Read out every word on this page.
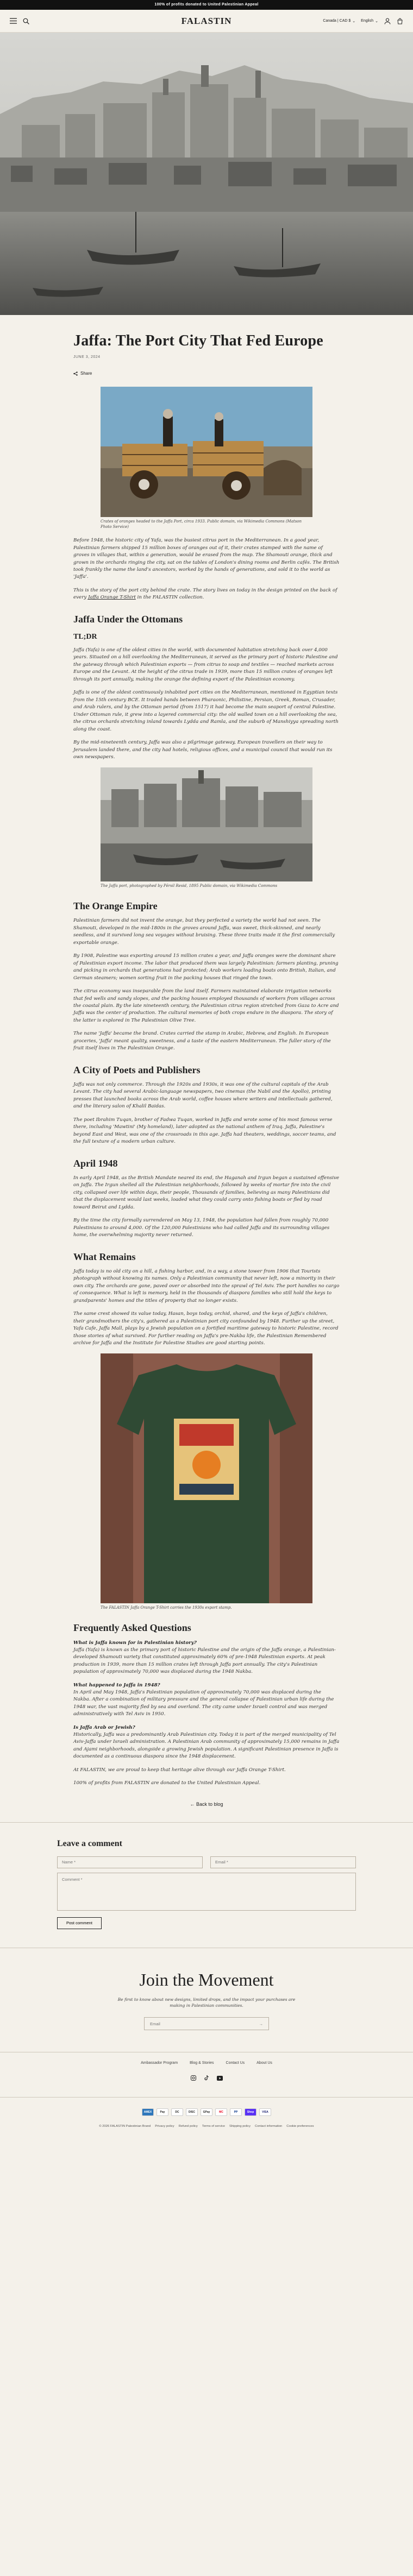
100% of profits donated to United Palestinian Appeal
FALASTIN	Canada | CAD $ ⌄ English ⌄
Jaffa: The Port City That Fed Europe
JUNE 3, 2024
Share
Crates of oranges headed to the Jaffa Port, circa 1933. Public domain, via Wikimedia Commons (Matson Photo Service)

Before 1948, the historic city of Yafa, was the busiest citrus port in the Mediterranean. In a good year, Palestinian farmers shipped 15 million boxes of oranges out of it, their crates stamped with the name of groves in villages that, within a generation, would be erased from the map. The Shamouti orange, thick and grown in the orchards ringing the city, sat on the tables of London's dining rooms and Berlin cafés. The British took frankly the name the land's ancestors, worked by the hands of generations, and sold it to the world as 'Jaffa'.

This is the story of the port city behind the crate. The story lives on today in the design printed on the back of every Jaffa Orange T-Shirt in the FALASTIN collection.

Jaffa Under the Ottomans
TL;DR

Jaffa (Yafa) is one of the oldest cities in the world, with documented habitation stretching back over 4,000 years. Situated on a hill overlooking the Mediterranean, it served as the primary port of historic Palestine and the gateway through which Palestinian exports — from citrus to soap and textiles — reached markets across Europe and the Levant. At the height of the citrus trade in 1939, more than 15 million crates of oranges left through its port annually, making the orange the defining export of the Palestinian economy.

Jaffa is one of the oldest continuously inhabited port cities on the Mediterranean, mentioned in Egyptian texts from the 15th century BCE. It traded hands between Pharaonic, Philistine, Persian, Greek, Roman, Crusader, and Arab rulers, and by the Ottoman period (from 1517) it had become the main seaport of central Palestine. Under Ottoman rule, it grew into a layered commercial city: the old walled town on a hill overlooking the sea, the citrus orchards stretching inland towards Lydda and Ramla, and the suburb of Manshiyya spreading north along the coast.

By the mid-nineteenth century, Jaffa was also a pilgrimage gateway, European travellers on their way to Jerusalem landed there, and the city had hotels, religious offices, and a municipal council that would run its own newspapers.

The Jaffa port, photographed by Pērsil Resid, 1895 Public domain, via Wikimedia Commons
The Orange Empire

Palestinian farmers did not invent the orange, but they perfected a variety the world had not seen. The Shamouti, developed in the mid-1800s in the groves around Jaffa, was sweet, thick-skinned, and nearly seedless, and it survived long sea voyages without bruising. These three traits made it the first commercially exportable orange.

By 1908, Palestine was exporting around 15 million crates a year, and Jaffa oranges were the dominant share of Palestinian export income. The labor that produced them was largely Palestinian: farmers planting, pruning and picking in orchards that generations had protected; Arab workers loading boats onto British, Italian, and German steamers; women sorting fruit in the packing houses that ringed the town.

The citrus economy was inseparable from the land itself. Farmers maintained elaborate irrigation networks that fed wells and sandy slopes, and the packing houses employed thousands of workers from villages across the coastal plain. By the late nineteenth century, the Palestinian citrus region stretched from Gaza to Acre and Jaffa was the center of production. The cultural memories of both crops endure in the diaspora. The story of the latter is explored in The Palestinian Olive Tree.

The name 'Jaffa' became the brand. Crates carried the stamp in Arabic, Hebrew, and English. In European groceries, 'Jaffa' meant quality, sweetness, and a taste of the eastern Mediterranean. The fuller story of the fruit itself lives in The Palestinian Orange.

A City of Poets and Publishers

Jaffa was not only commerce. Through the 1920s and 1930s, it was one of the cultural capitals of the Arab Levant. The city had several Arabic-language newspapers, two cinemas (the Nabil and the Apollo), printing presses that launched books across the Arab world, coffee houses where writers and intellectuals gathered, and the literary salon of Khalil Baidas.

The poet Ibrahim Tuqan, brother of Fadwa Tuqan, worked in Jaffa and wrote some of his most famous verse there, including 'Mawtini' (My homeland), later adopted as the national anthem of Iraq. Jaffa, Palestine's beyond East and West, was one of the crossroads in this age. Jaffa had theaters, weddings, soccer teams, and the full texture of a modern urban culture.

April 1948

In early April 1948, as the British Mandate neared its end, the Haganah and Irgun began a sustained offensive on Jaffa. The Irgun shelled all the Palestinian neighborhoods, followed by weeks of mortar fire into the civil city, collapsed over life within days, their people, Thousands of families, believing as many Palestinians did that the displacement would last weeks, loaded what they could carry onto fishing boats or fled by road toward Beirut and Lydda.

By the time the city formally surrendered on May 13, 1948, the population had fallen from roughly 70,000 Palestinians to around 4,000. Of the 120,000 Palestinians who had called Jaffa and its surrounding villages home, the overwhelming majority never returned.

What Remains

Jaffa today is no old city on a hill, a fishing harbor, and, in a way, a stone tower from 1906 that Tourists photograph without knowing its names. Only a Palestinian community that never left, now a minority in their own city. The orchards are gone, paved over or absorbed into the sprawl of Tel Aviv. The port handles no cargo of consequence. What is left is memory, held in the thousands of diaspora families who still hold the keys to grandparents' homes and the titles of property that no longer exists.

The same crest showed its value today, Hasan, boys today, orchid, shared, and the keys of Jaffa's children, their grandmothers the city's, gathered as a Palestinian port city confounded by 1948. Further up the street, Yafa Cafe, Jaffa Mall, plays by a Jewish population on a fortified maritime gateway to historic Palestine, record those stories of what survived. For further reading on Jaffa's pre-Nakba life, the Palestinian Remembered archive for Jaffa and the Institute for Palestine Studies are good starting points.

The FALASTIN Jaffa Orange T-Shirt carries the 1930s export stamp.
Frequently Asked Questions
What is Jaffa known for in Palestinian history?

Jaffa (Yafa) is known as the primary port of historic Palestine and the origin of the Jaffa orange, a Palestinian-developed Shamouti variety that constituted approximately 60% of pre-1948 Palestinian exports. At peak production in 1939, more than 15 million crates left through Jaffa port annually. The city's Palestinian population of approximately 70,000 was displaced during the 1948 Nakba.

What happened to Jaffa in 1948?

In April and May 1948, Jaffa's Palestinian population of approximately 70,000 was displaced during the Nakba. After a combination of military pressure and the general collapse of Palestinian urban life during the 1948 war, the vast majority fled by sea and overland. The city came under Israeli control and was merged administratively with Tel Aviv in 1950.

Is Jaffa Arab or Jewish?

Historically, Jaffa was a predominantly Arab Palestinian city. Today it is part of the merged municipality of Tel Aviv-Jaffa under Israeli administration. A Palestinian Arab community of approximately 15,000 remains in Jaffa and Ajami neighborhoods, alongside a growing Jewish population. A significant Palestinian presence in Jaffa is documented as a continuous diaspora since the 1948 displacement.

At FALASTIN, we are proud to keep that heritage alive through our Jaffa Orange T-Shirt.

100% of profits from FALASTIN are donated to the United Palestinian Appeal.

← Back to blog
Leave a comment
Name *
Email *
Comment * Post comment
Join the Movement

Be first to know about new designs, limited drops, and the impact your purchases are making in Palestinian communities.

Email	→
Ambassador Program	Blog & Stories	Contact Us	About Us
AMEX	Pay	DC	DISC	GPay	MC	PP	Shop	VISA
© 2026 FALASTIN Palestinian Brand Privacy policy Refund policy Terms of service Shipping policy Contact information Cookie preferences
